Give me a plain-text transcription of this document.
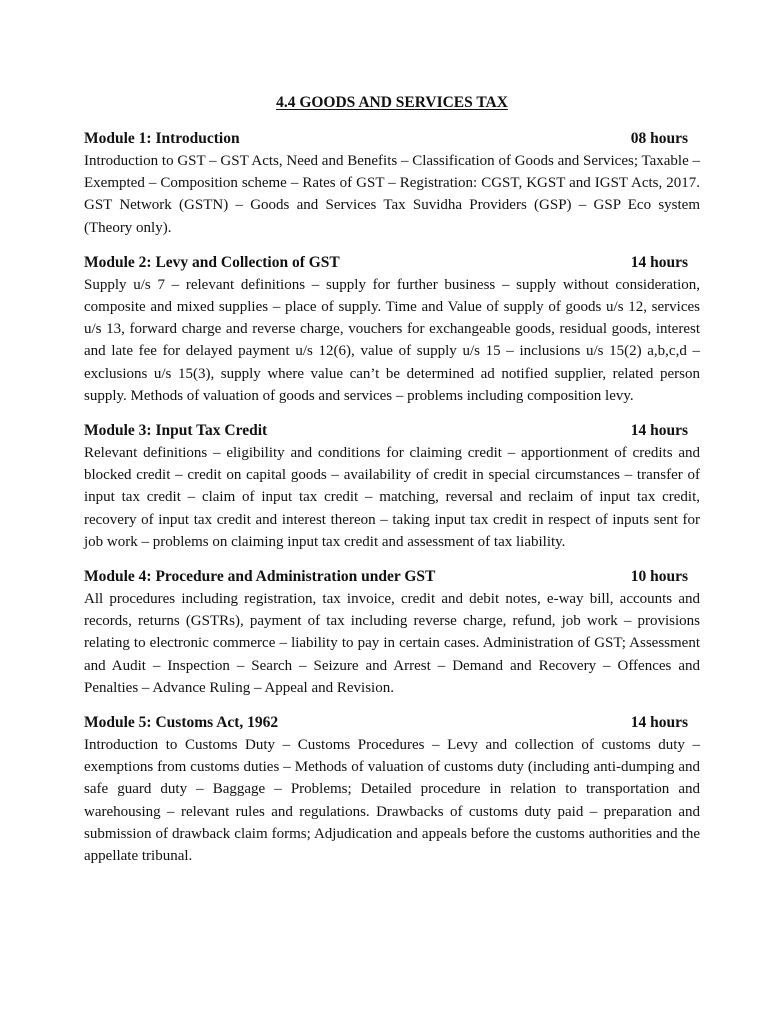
4.4 GOODS AND SERVICES TAX
Module 1: Introduction	08 hours

Introduction to GST – GST Acts, Need and Benefits – Classification of Goods and Services; Taxable – Exempted – Composition scheme – Rates of GST – Registration: CGST, KGST and IGST Acts, 2017. GST Network (GSTN) – Goods and Services Tax Suvidha Providers (GSP) – GSP Eco system (Theory only).

Module 2: Levy and Collection of GST	14 hours

Supply u/s 7 – relevant definitions – supply for further business – supply without consideration, composite and mixed supplies – place of supply. Time and Value of supply of goods u/s 12, services u/s 13, forward charge and reverse charge, vouchers for exchangeable goods, residual goods, interest and late fee for delayed payment u/s 12(6), value of supply u/s 15 – inclusions u/s 15(2) a,b,c,d – exclusions u/s 15(3), supply where value can’t be determined ad notified supplier, related person supply. Methods of valuation of goods and services – problems including composition levy.

Module 3: Input Tax Credit	14 hours

Relevant definitions – eligibility and conditions for claiming credit – apportionment of credits and blocked credit – credit on capital goods – availability of credit in special circumstances – transfer of input tax credit – claim of input tax credit – matching, reversal and reclaim of input tax credit, recovery of input tax credit and interest thereon – taking input tax credit in respect of inputs sent for job work – problems on claiming input tax credit and assessment of tax liability.

Module 4: Procedure and Administration under GST	10 hours

All procedures including registration, tax invoice, credit and debit notes, e-way bill, accounts and records, returns (GSTRs), payment of tax including reverse charge, refund, job work – provisions relating to electronic commerce – liability to pay in certain cases. Administration of GST; Assessment and Audit – Inspection – Search – Seizure and Arrest – Demand and Recovery – Offences and Penalties – Advance Ruling – Appeal and Revision.

Module 5: Customs Act, 1962	14 hours

Introduction to Customs Duty – Customs Procedures – Levy and collection of customs duty – exemptions from customs duties – Methods of valuation of customs duty (including anti-dumping and safe guard duty – Baggage – Problems; Detailed procedure in relation to transportation and warehousing – relevant rules and regulations. Drawbacks of customs duty paid – preparation and submission of drawback claim forms; Adjudication and appeals before the customs authorities and the appellate tribunal.
